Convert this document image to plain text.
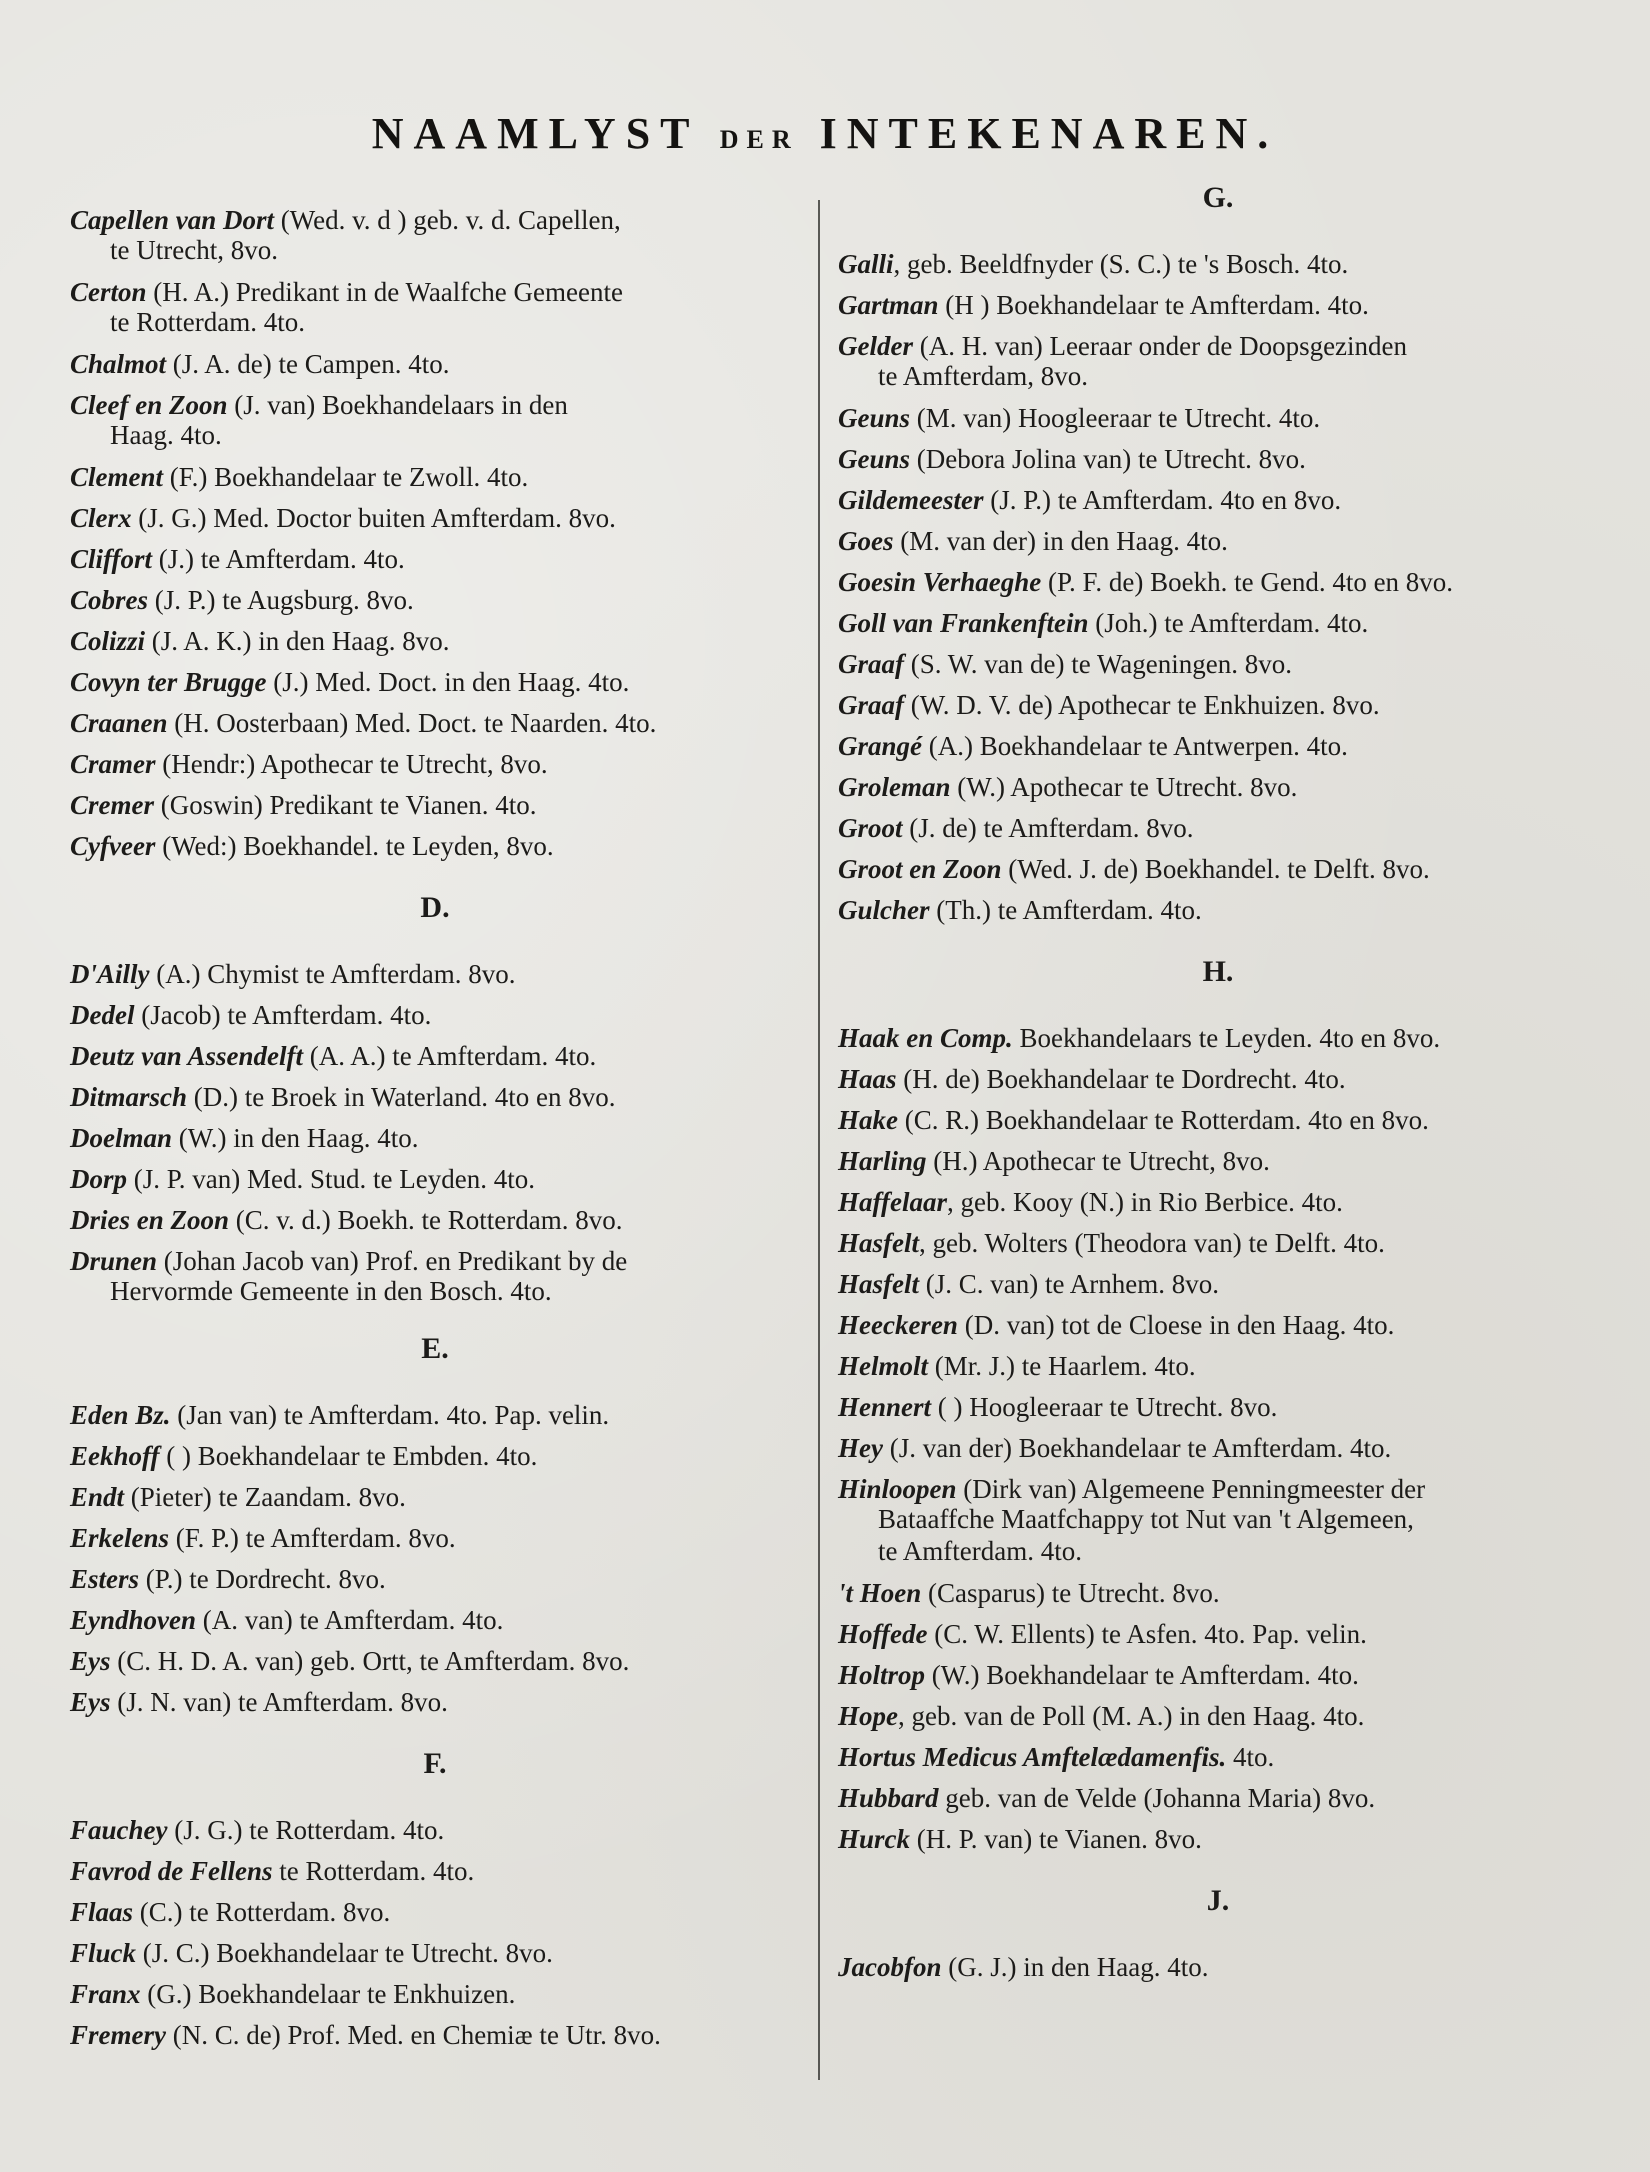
NAAMLYST DER INTEKENAREN.
Capellen van Dort (Wed. v. d ) geb. v. d. Capellen,
te Utrecht, 8vo.
Certon (H. A.) Predikant in de Waalfche Gemeente
te Rotterdam. 4to.
Chalmot (J. A. de) te Campen. 4to.
Cleef en Zoon (J. van) Boekhandelaars in den
Haag. 4to.
Clement (F.) Boekhandelaar te Zwoll. 4to.
Clerx (J. G.) Med. Doctor buiten Amfterdam. 8vo.
Cliffort (J.) te Amfterdam. 4to.
Cobres (J. P.) te Augsburg. 8vo.
Colizzi (J. A. K.) in den Haag. 8vo.
Covyn ter Brugge (J.) Med. Doct. in den Haag. 4to.
Craanen (H. Oosterbaan) Med. Doct. te Naarden. 4to.
Cramer (Hendr:) Apothecar te Utrecht, 8vo.
Cremer (Goswin) Predikant te Vianen. 4to.
Cyfveer (Wed:) Boekhandel. te Leyden, 8vo.
D.
D'Ailly (A.) Chymist te Amfterdam. 8vo.
Dedel (Jacob) te Amfterdam. 4to.
Deutz van Assendelft (A. A.) te Amfterdam. 4to.
Ditmarsch (D.) te Broek in Waterland. 4to en 8vo.
Doelman (W.) in den Haag. 4to.
Dorp (J. P. van) Med. Stud. te Leyden. 4to.
Dries en Zoon (C. v. d.) Boekh. te Rotterdam. 8vo.
Drunen (Johan Jacob van) Prof. en Predikant by de
Hervormde Gemeente in den Bosch. 4to.
E.
Eden Bz. (Jan van) te Amfterdam. 4to. Pap. velin.
Eekhoff ( ) Boekhandelaar te Embden. 4to.
Endt (Pieter) te Zaandam. 8vo.
Erkelens (F. P.) te Amfterdam. 8vo.
Esters (P.) te Dordrecht. 8vo.
Eyndhoven (A. van) te Amfterdam. 4to.
Eys (C. H. D. A. van) geb. Ortt, te Amfterdam. 8vo.
Eys (J. N. van) te Amfterdam. 8vo.
F.
Fauchey (J. G.) te Rotterdam. 4to.
Favrod de Fellens te Rotterdam. 4to.
Flaas (C.) te Rotterdam. 8vo.
Fluck (J. C.) Boekhandelaar te Utrecht. 8vo.
Franx (G.) Boekhandelaar te Enkhuizen.
Fremery (N. C. de) Prof. Med. en Chemiæ te Utr. 8vo.
G.
Galli, geb. Beeldfnyder (S. C.) te 's Bosch. 4to.
Gartman (H ) Boekhandelaar te Amfterdam. 4to.
Gelder (A. H. van) Leeraar onder de Doopsgezinden
te Amfterdam, 8vo.
Geuns (M. van) Hoogleeraar te Utrecht. 4to.
Geuns (Debora Jolina van) te Utrecht. 8vo.
Gildemeester (J. P.) te Amfterdam. 4to en 8vo.
Goes (M. van der) in den Haag. 4to.
Goesin Verhaeghe (P. F. de) Boekh. te Gend. 4to en 8vo.
Goll van Frankenftein (Joh.) te Amfterdam. 4to.
Graaf (S. W. van de) te Wageningen. 8vo.
Graaf (W. D. V. de) Apothecar te Enkhuizen. 8vo.
Grangé (A.) Boekhandelaar te Antwerpen. 4to.
Groleman (W.) Apothecar te Utrecht. 8vo.
Groot (J. de) te Amfterdam. 8vo.
Groot en Zoon (Wed. J. de) Boekhandel. te Delft. 8vo.
Gulcher (Th.) te Amfterdam. 4to.
H.
Haak en Comp. Boekhandelaars te Leyden. 4to en 8vo.
Haas (H. de) Boekhandelaar te Dordrecht. 4to.
Hake (C. R.) Boekhandelaar te Rotterdam. 4to en 8vo.
Harling (H.) Apothecar te Utrecht, 8vo.
Haffelaar, geb. Kooy (N.) in Rio Berbice. 4to.
Hasfelt, geb. Wolters (Theodora van) te Delft. 4to.
Hasfelt (J. C. van) te Arnhem. 8vo.
Heeckeren (D. van) tot de Cloese in den Haag. 4to.
Helmolt (Mr. J.) te Haarlem. 4to.
Hennert ( ) Hoogleeraar te Utrecht. 8vo.
Hey (J. van der) Boekhandelaar te Amfterdam. 4to.
Hinloopen (Dirk van) Algemeene Penningmeester der
Bataaffche Maatfchappy tot Nut van 't Algemeen,
te Amfterdam. 4to.
't Hoen (Casparus) te Utrecht. 8vo.
Hoffede (C. W. Ellents) te Asfen. 4to. Pap. velin.
Holtrop (W.) Boekhandelaar te Amfterdam. 4to.
Hope, geb. van de Poll (M. A.) in den Haag. 4to.
Hortus Medicus Amftelædamenfis. 4to.
Hubbard geb. van de Velde (Johanna Maria) 8vo.
Hurck (H. P. van) te Vianen. 8vo.
J.
Jacobfon (G. J.) in den Haag. 4to.
